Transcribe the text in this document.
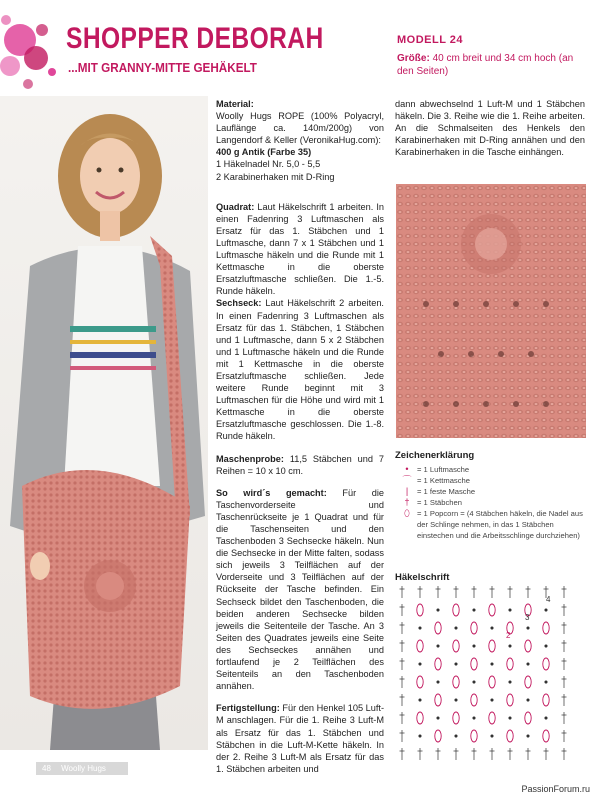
SHOPPER DEBORAH
...MIT GRANNY-MITTE GEHÄKELT
MODELL 24
Größe: 40 cm breit und 34 cm hoch (an den Seiten)

Material:
Woolly Hugs ROPE (100% Polyacryl, Lauflänge ca. 140m/200g) von Langendorf & Keller (VeronikaHug.com):
400 g Antik (Farbe 35)
1 Häkelnadel Nr. 5,0 - 5,5
2 Karabinerhaken mit D-Ring

Quadrat: Laut Häkelschrift 1 arbeiten. In einen Fadenring 3 Luftmaschen als Ersatz für das 1. Stäbchen und 1 Luftmasche, dann 7 x 1 Stäbchen und 1 Luftmasche häkeln und die Runde mit 1 Kettmasche in die oberste Ersatzluftmasche schließen. Die 1.-5. Runde häkeln.

Sechseck: Laut Häkelschrift 2 arbeiten. In einen Fadenring 3 Luftmaschen als Ersatz für das 1. Stäbchen, 1 Stäbchen und 1 Luftmasche, dann 5 x 2 Stäbchen und 1 Luftmasche häkeln und die Runde mit 1 Kettmasche in die oberste Ersatzluftmasche schließen. Jede weitere Runde beginnt mit 3 Luftmaschen für die Höhe und wird mit 1 Kettmasche in die oberste Ersatzluftmasche geschlossen. Die 1.-8. Runde häkeln.

Maschenprobe: 11,5 Stäbchen und 7 Reihen = 10 x 10 cm.

So wird´s gemacht: Für die Taschenvorderseite und Taschenrückseite je 1 Quadrat und für die Taschenseiten und den Taschenboden 3 Sechsecke häkeln. Nun die Sechsecke in der Mitte falten, sodass sich jeweils 3 Teilflächen auf der Vorderseite und 3 Teilflächen auf der Rückseite der Tasche befinden. Ein Sechseck bildet den Taschenboden, die beiden anderen Sechsecke bilden jeweils die Seitenteile der Tasche. An 3 Seiten des Quadrates jeweils eine Seite des Sechseckes annähen und fortlaufend je 2 Teilflächen des Seitenteils an den Taschenboden annähen.

Fertigstellung: Für den Henkel 105 Luft-M anschlagen. Für die 1. Reihe 3 Luft-M als Ersatz für das 1. Stäbchen und Stäbchen in die Luft-M-Kette häkeln. In der 2. Reihe 3 Luft-M als Ersatz für das 1. Stäbchen arbeiten und

dann abwechselnd 1 Luft-M und 1 Stäbchen häkeln. Die 3. Reihe wie die 1. Reihe arbeiten. An die Schmalseiten des Henkels den Karabinerhaken mit D-Ring annähen und den Karabinerhaken in die Tasche einhängen.

Zeichenerklärung
•	= 1 Luftmasche
⌒ = 1 Kettmasche
|	= 1 feste Masche
† = 1 Stäbchen
⬯ = 1 Popcorn = (4 Stäbchen häkeln, die Nadel aus der Schlinge nehmen, in das 1 Stäbchen einstechen und die Arbeitsschlinge durchziehen)
Häkelschrift
4
3
2
48 Woolly Hugs
PassionForum.ru
